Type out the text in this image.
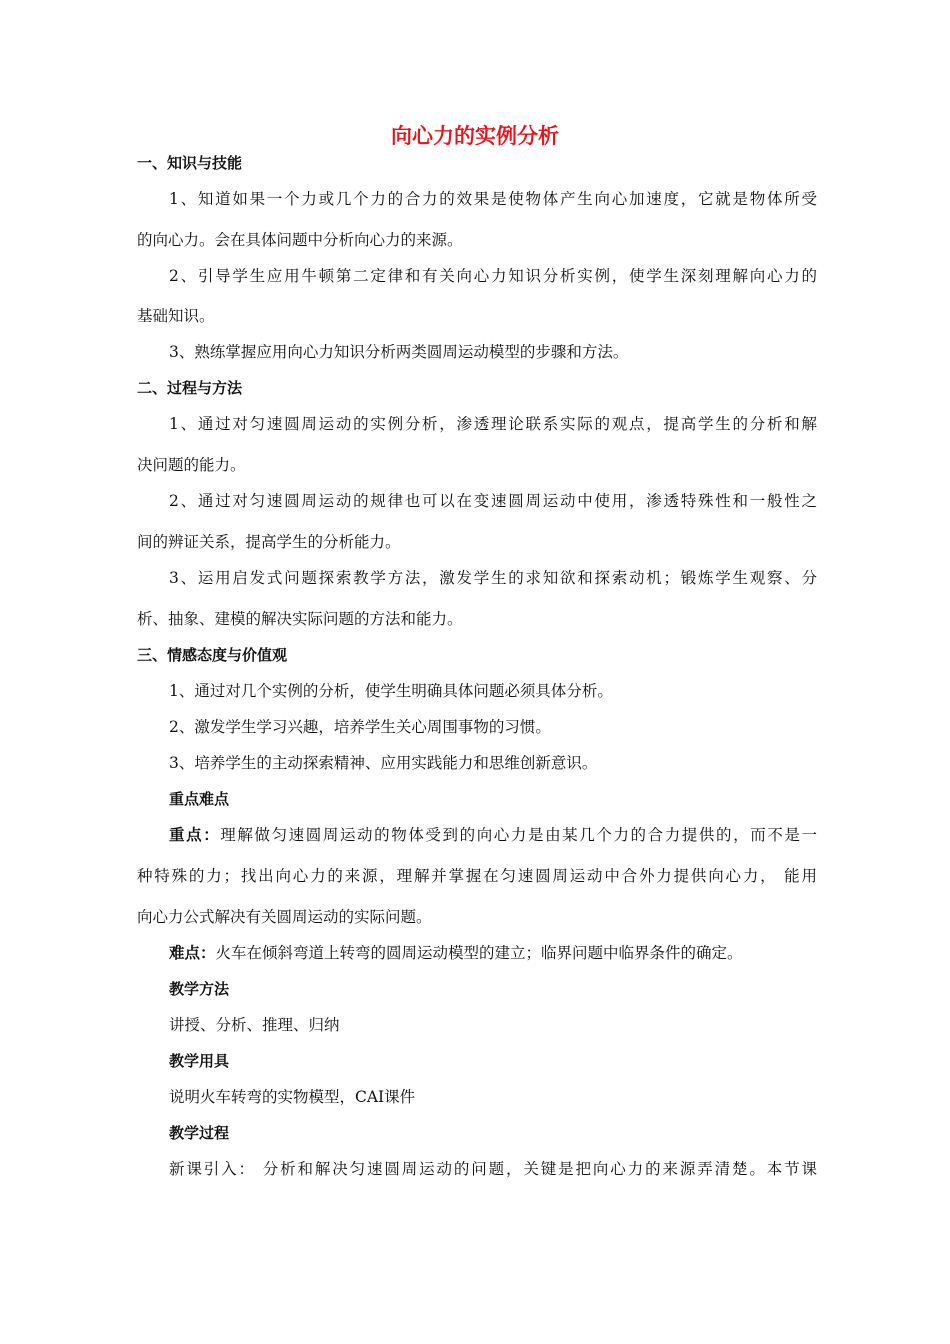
向心力的实例分析
一、知识与技能
1、知道如果一个力或几个力的合力的效果是使物体产生向心加速度，它就是物体所受
的向心力。会在具体问题中分析向心力的来源。
2、引导学生应用牛顿第二定律和有关向心力知识分析实例，使学生深刻理解向心力的
基础知识。
3、熟练掌握应用向心力知识分析两类圆周运动模型的步骤和方法。
二、过程与方法
1、通过对匀速圆周运动的实例分析，渗透理论联系实际的观点，提高学生的分析和解
决问题的能力。
2、通过对匀速圆周运动的规律也可以在变速圆周运动中使用，渗透特殊性和一般性之
间的辨证关系，提高学生的分析能力。
3、运用启发式问题探索教学方法，激发学生的求知欲和探索动机；锻炼学生观察、分
析、抽象、建模的解决实际问题的方法和能力。
三、情感态度与价值观
1、通过对几个实例的分析，使学生明确具体问题必须具体分析。
2、激发学生学习兴趣，培养学生关心周围事物的习惯。
3、培养学生的主动探索精神、应用实践能力和思维创新意识。
重点难点
重点：理解做匀速圆周运动的物体受到的向心力是由某几个力的合力提供的，而不是一
种特殊的力；找出向心力的来源，理解并掌握在匀速圆周运动中合外力提供向心力， 能用
向心力公式解决有关圆周运动的实际问题。
难点：火车在倾斜弯道上转弯的圆周运动模型的建立；临界问题中临界条件的确定。
教学方法
讲授、分析、推理、归纳
教学用具
说明火车转弯的实物模型，CAI课件
教学过程
新课引入： 分析和解决匀速圆周运动的问题，关键是把向心力的来源弄清楚。本节课
